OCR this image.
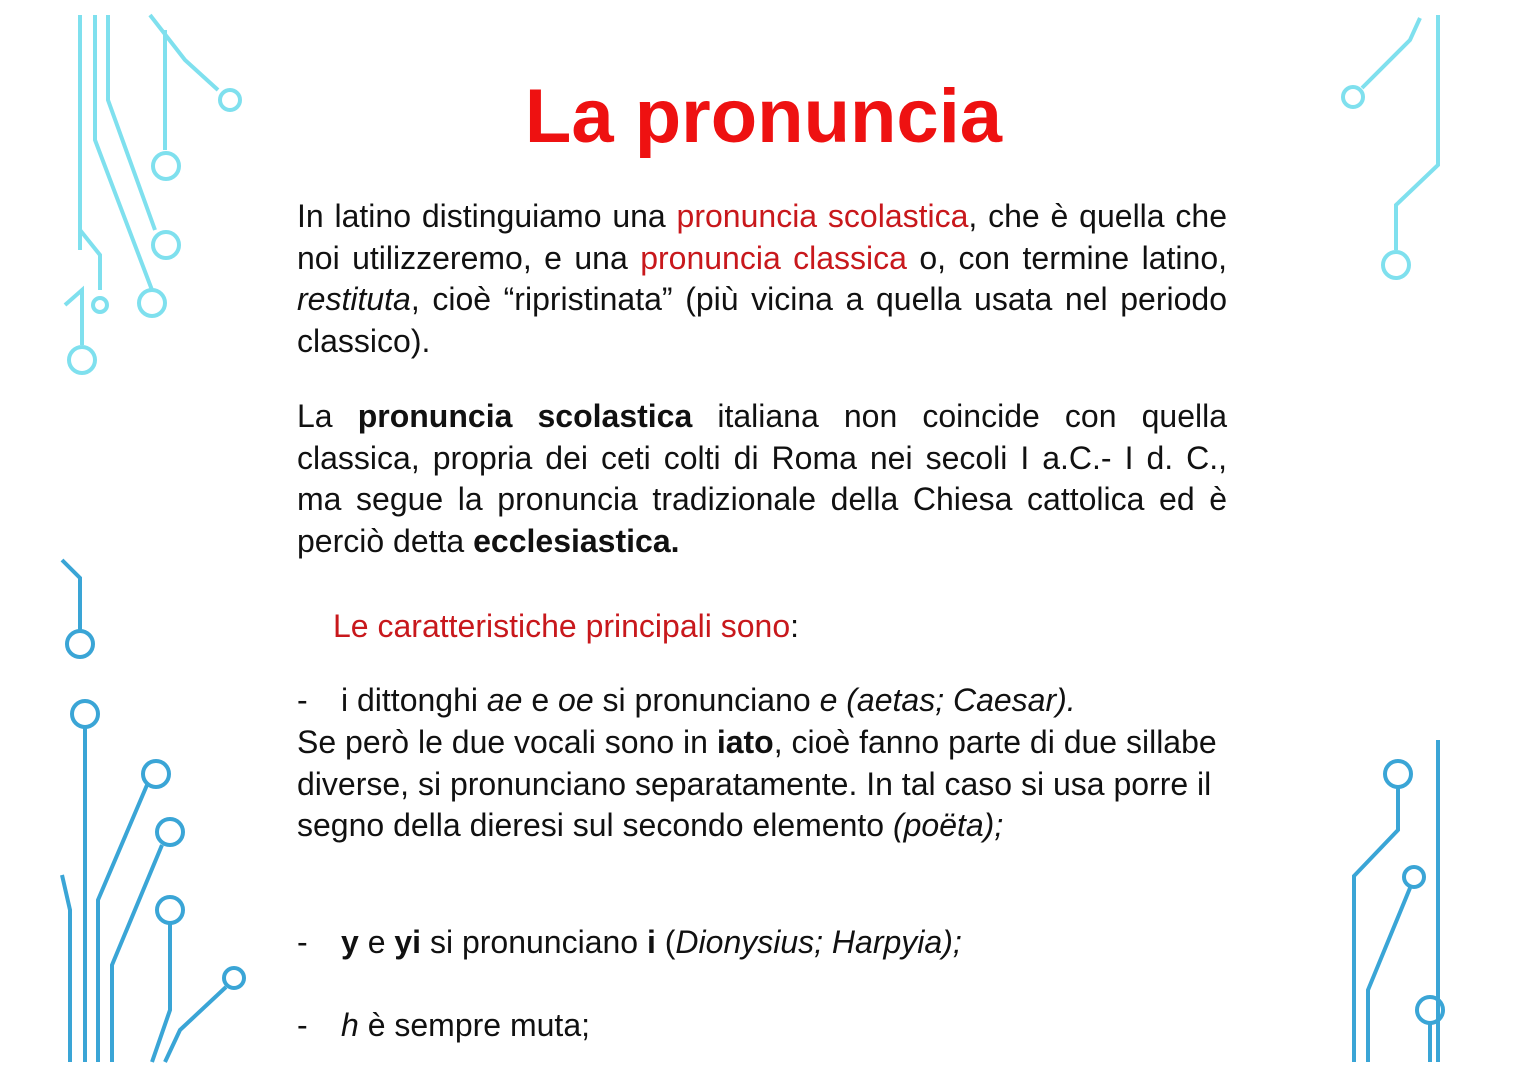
La pronuncia

In latino distinguiamo una pronuncia scolastica, che è quella che noi utilizzeremo, e una pronuncia classica o, con termine latino, restituta, cioè “ripristinata” (più vicina a quella usata nel periodo classico).

La pronuncia scolastica italiana non coincide con quella classica, propria dei ceti colti di Roma nei secoli I a.C.- I d. C., ma segue la pronuncia tradizionale della Chiesa cattolica ed è perciò detta ecclesiastica.

Le caratteristiche principali sono:

-	i dittonghi ae e oe si pronunciano e (aetas; Caesar).

Se però le due vocali sono in iato, cioè fanno parte di due sillabe diverse, si pronunciano separatamente. In tal caso si usa porre il segno della dieresi sul secondo elemento (poëta);

-	y e yi si pronunciano i (Dionysius; Harpyia);
-	h è sempre muta;
